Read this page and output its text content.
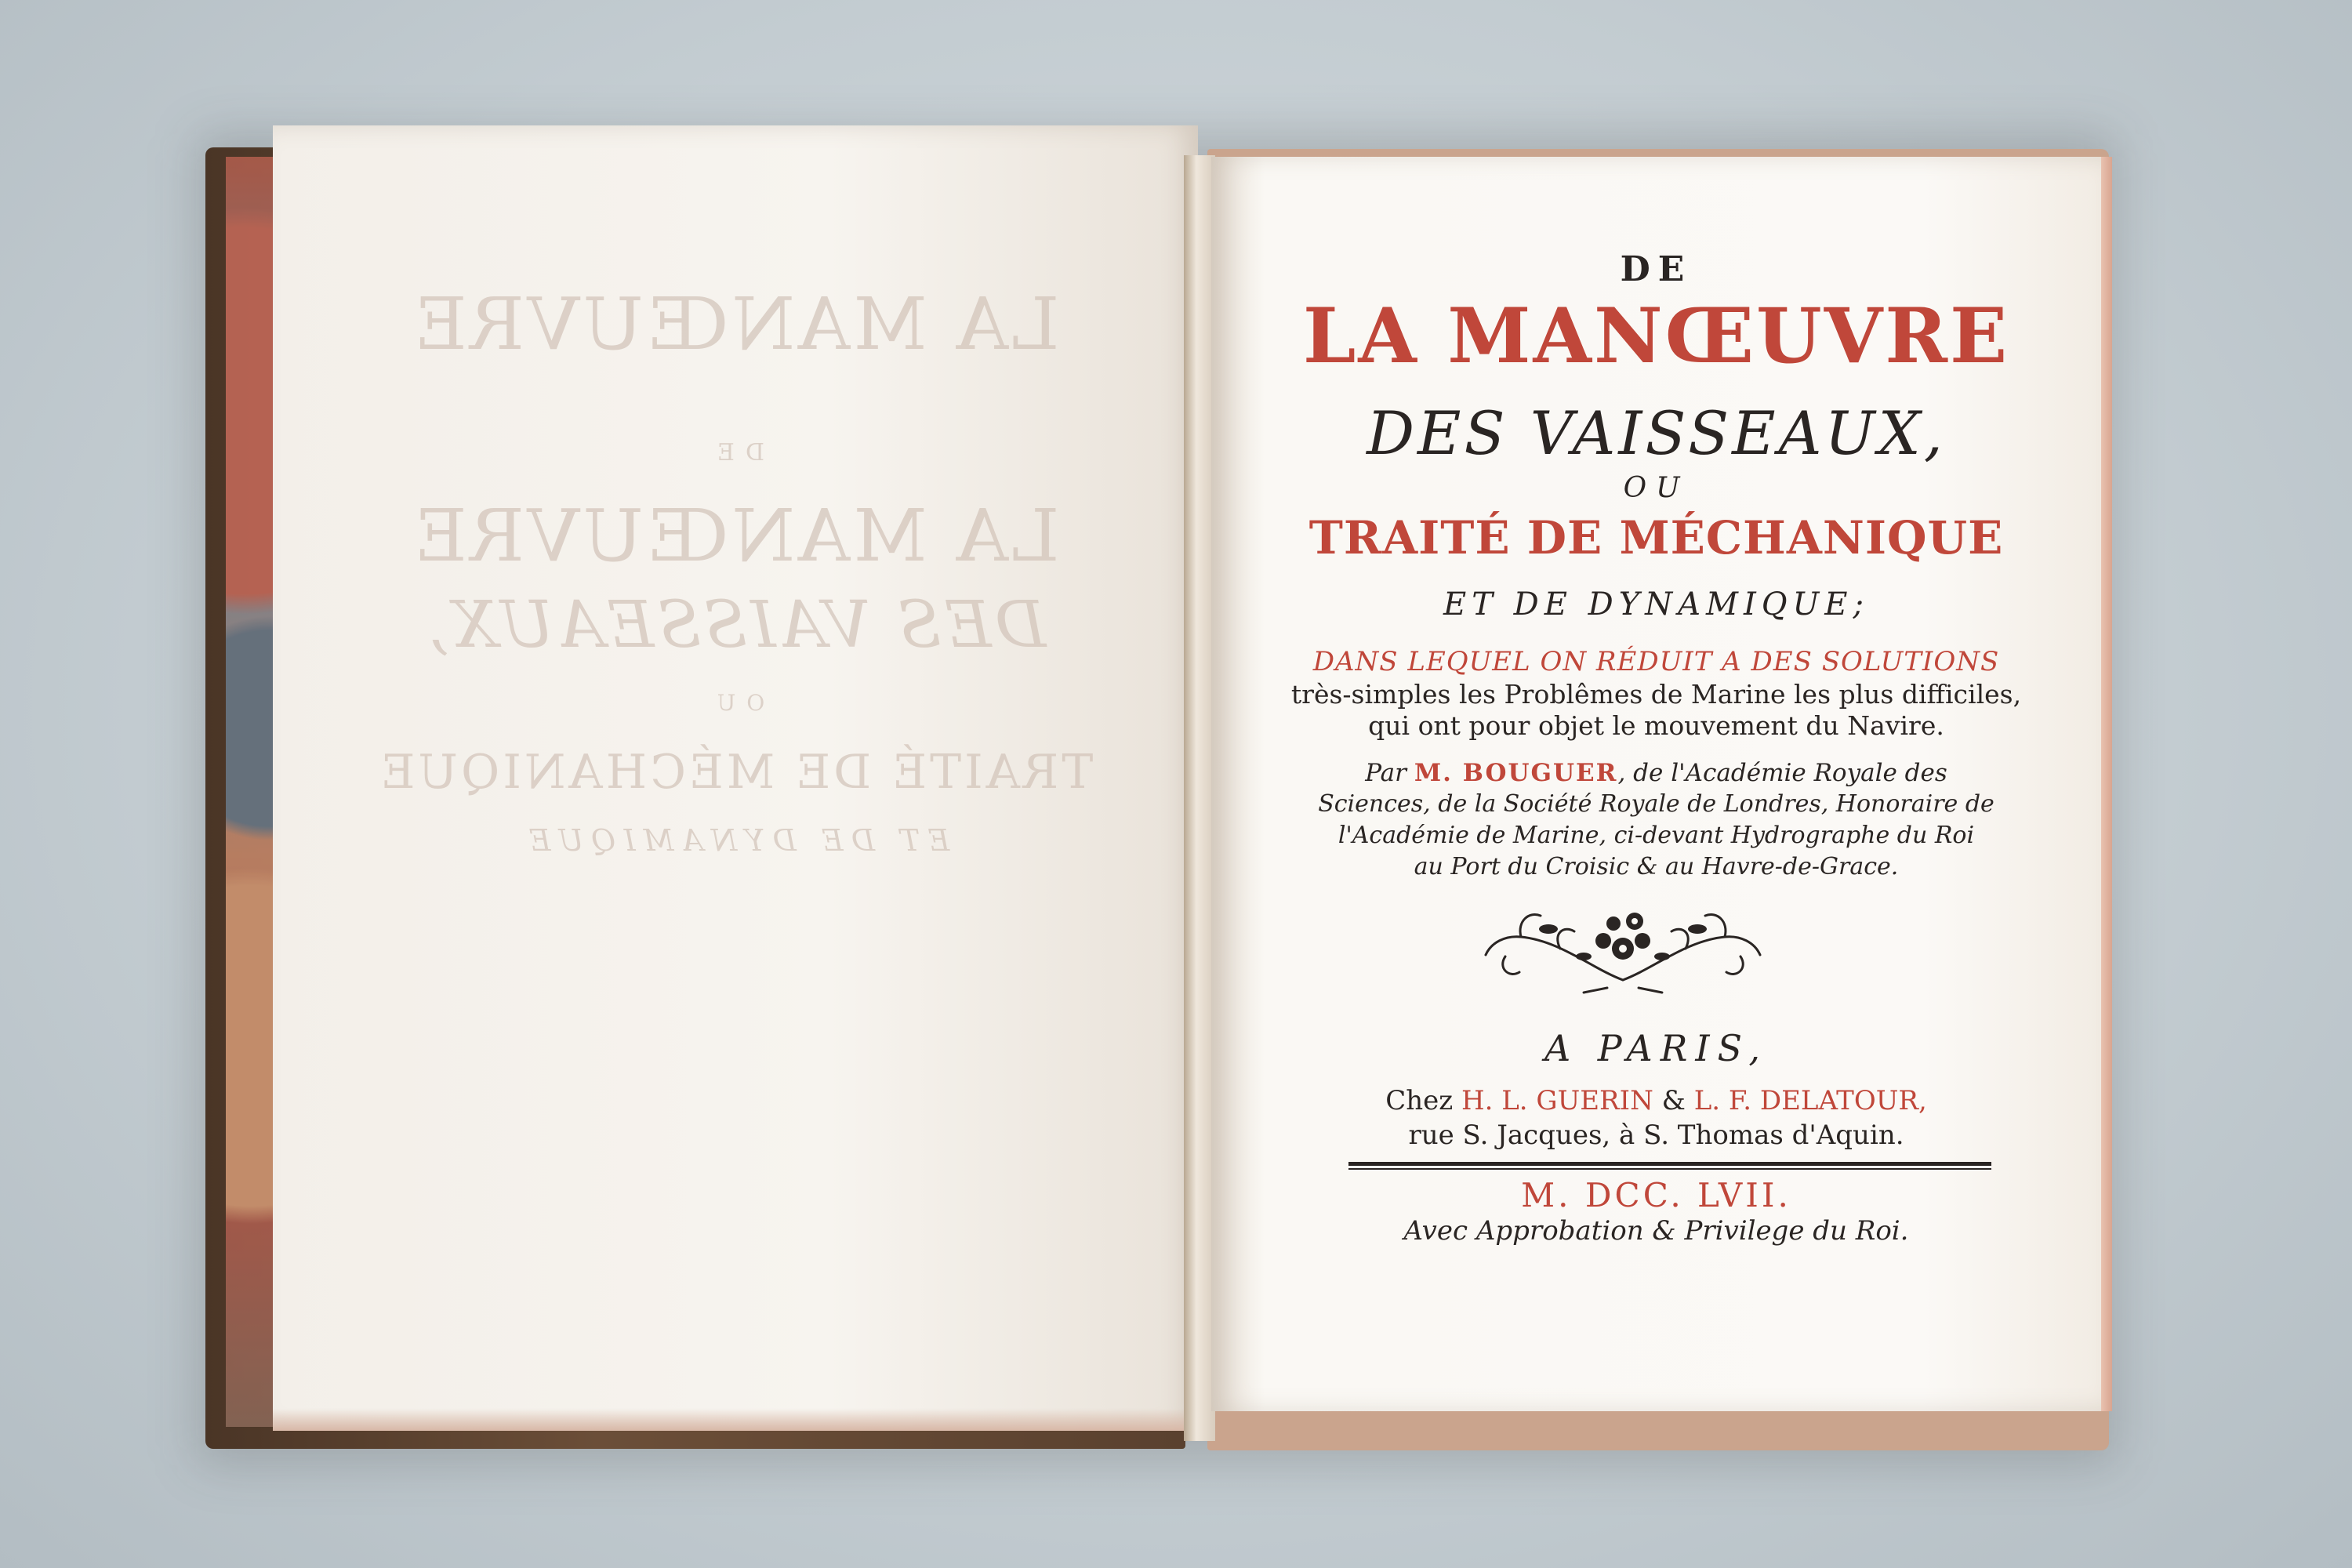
LA MANŒUVRE
DE
LA MANŒUVRE
DES VAISSEAUX,
OU
TRAITÉ DE MÉCHANIQUE
ET DE DYNAMIQUE
DE
LA MANŒUVRE
DES VAISSEAUX,
OU
TRAITÉ DE MÉCHANIQUE
ET DE DYNAMIQUE;
DANS LEQUEL ON RÉDUIT A DES SOLUTIONS
très-simples les Problêmes de Marine les plus difficiles,
qui ont pour objet le mouvement du Navire.
Par M. BOUGUER, de l'Académie Royale des
Sciences, de la Société Royale de Londres, Honoraire de
l'Académie de Marine, ci-devant Hydrographe du Roi
au Port du Croisic & au Havre-de-Grace.
A PARIS,
Chez H. L. GUERIN & L. F. DELATOUR,
rue S. Jacques, à S. Thomas d'Aquin.
M. DCC. LVII.
Avec Approbation & Privilege du Roi.
